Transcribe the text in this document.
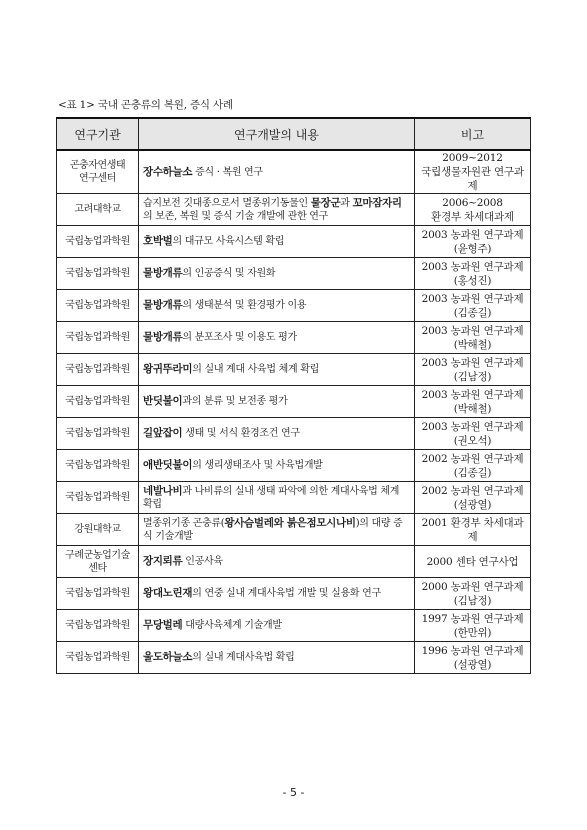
<표 1> 국내 곤충류의 복원, 증식 사례
연구기관	연구개발의 내용	비고
곤충자연생태
연구센터	장수하늘소 증식 · 복원 연구	2009~2012
국립생물자원관 연구과제

고려대학교	습지보전 깃대종으로서 멸종위기동물인 물장군과 꼬마잠자리의 보존, 복원 및 증식 기술 개발에 관한 연구	2006~2008
환경부 차세대과제

국립농업과학원	호박벌의 대규모 사육시스템 확립	2003 농과원 연구과제
(윤형주)

국립농업과학원	물방개류의 인공증식 및 자원화	2003 농과원 연구과제
(홍성진)

국립농업과학원	물방개류의 생태분석 및 환경평가 이용	2003 농과원 연구과제
(김종길)

국립농업과학원	물방개류의 분포조사 및 이용도 평가	2003 농과원 연구과제
(박해철)

국립농업과학원	왕귀뚜라미의 실내 계대 사육법 체계 확립	2003 농과원 연구과제
(김남정)

국립농업과학원	반딧불이과의 분류 및 보전종 평가	2003 농과원 연구과제
(박해철)

국립농업과학원	길앞잡이 생태 및 서식 환경조건 연구	2003 농과원 연구과제
(권오석)

국립농업과학원	애반딧불이의 생리생태조사 및 사육법개발	2002 농과원 연구과제
(김종길)

국립농업과학원	네발나비과 나비류의 실내 생태 파악에 의한 계대사육법 체계 확립	2002 농과원 연구과제
(설광열)

강원대학교	멸종위기종 곤충류(왕사슴벌레와 붉은점모시나비)의 대량 증식 기술개발	2001 환경부 차세대과제

구례군농업기술
센타	장지뢰류 인공사육	2000 센타 연구사업

국립농업과학원	왕대노린재의 연중 실내 계대사육법 개발 및 실용화 연구	2000 농과원 연구과제
(김남정)

국립농업과학원	무당벌레 대량사육체계 기술개발	1997 농과원 연구과제
(한만위)

국립농업과학원	울도하늘소의 실내 계대사육법 확립	1996 농과원 연구과제
(설광열)
- 5 -
